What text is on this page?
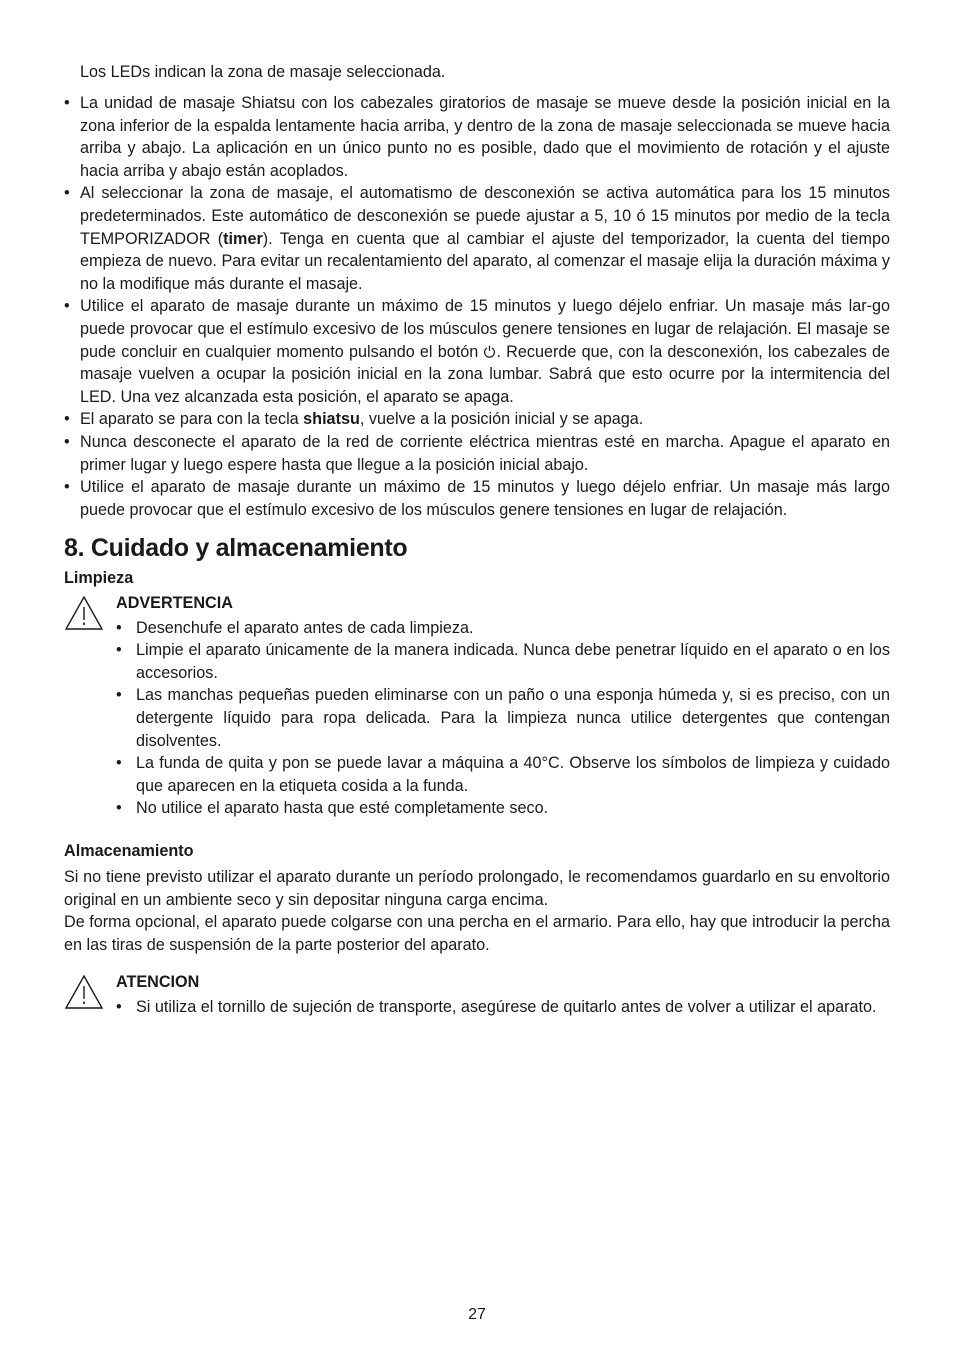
Los LEDs indican la zona de masaje seleccionada.

• La unidad de masaje Shiatsu con los cabezales giratorios de masaje se mueve desde la posición inicial en la zona inferior de la espalda lentamente hacia arriba, y dentro de la zona de masaje seleccionada se mueve hacia arriba y abajo. La aplicación en un único punto no es posible, dado que el movimiento de rotación y el ajuste hacia arriba y abajo están acoplados.
• Al seleccionar la zona de masaje, el automatismo de desconexión se activa automática para los 15 minutos predeterminados. Este automático de desconexión se puede ajustar a 5, 10 ó 15 minutos por medio de la tecla TEMPORIZADOR (timer). Tenga en cuenta que al cambiar el ajuste del temporizador, la cuenta del tiempo empieza de nuevo. Para evitar un recalentamiento del aparato, al comenzar el masaje elija la duración máxima y no la modifique más durante el masaje.
• Utilice el aparato de masaje durante un máximo de 15 minutos y luego déjelo enfriar. Un masaje más lar-go puede provocar que el estímulo excesivo de los músculos genere tensiones en lugar de relajación. El masaje se pude concluir en cualquier momento pulsando el botón . Recuerde que, con la desconexión, los cabezales de masaje vuelven a ocupar la posición inicial en la zona lumbar. Sabrá que esto ocurre por la intermitencia del LED. Una vez alcanzada esta posición, el aparato se apaga.
• El aparato se para con la tecla shiatsu, vuelve a la posición inicial y se apaga.
• Nunca desconecte el aparato de la red de corriente eléctrica mientras esté en marcha. Apague el aparato en primer lugar y luego espere hasta que llegue a la posición inicial abajo.
• Utilice el aparato de masaje durante un máximo de 15 minutos y luego déjelo enfriar. Un masaje más largo puede provocar que el estímulo excesivo de los músculos genere tensiones en lugar de relajación.
8. Cuidado y almacenamiento

Limpieza

ADVERTENCIA

• Desenchufe el aparato antes de cada limpieza.
• Limpie el aparato únicamente de la manera indicada. Nunca debe penetrar líquido en el aparato o en los accesorios.
• Las manchas pequeñas pueden eliminarse con un paño o una esponja húmeda y, si es preciso, con un detergente líquido para ropa delicada. Para la limpieza nunca utilice detergentes que contengan disolventes.
• La funda de quita y pon se puede lavar a máquina a 40°C. Observe los símbolos de limpieza y cuidado que aparecen en la etiqueta cosida a la funda.
• No utilice el aparato hasta que esté completamente seco.

Almacenamiento

Si no tiene previsto utilizar el aparato durante un período prolongado, le recomendamos guardarlo en su envoltorio original en un ambiente seco y sin depositar ninguna carga encima.

De forma opcional, el aparato puede colgarse con una percha en el armario. Para ello, hay que introducir la percha en las tiras de suspensión de la parte posterior del aparato.

ATENCION

• Si utiliza el tornillo de sujeción de transporte, asegúrese de quitarlo antes de volver a utilizar el aparato.
27
